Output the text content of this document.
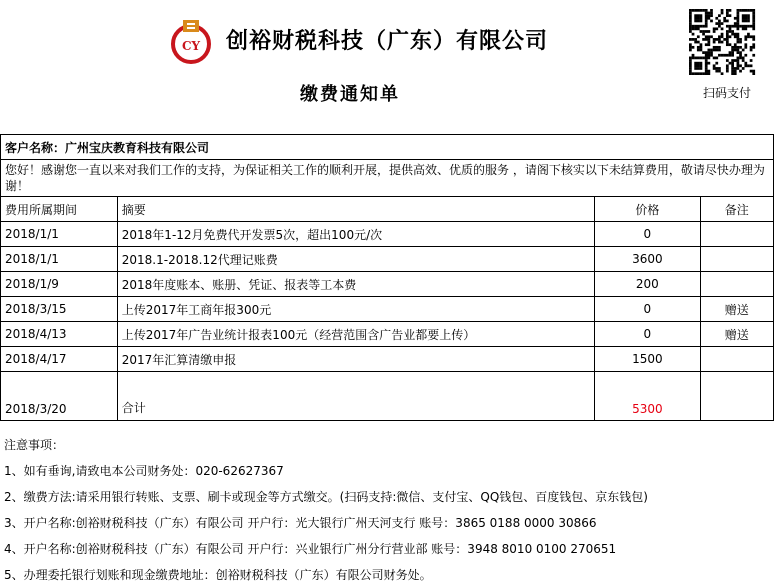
CY 创裕财税科技（广东）有限公司
缴费通知单	扫码支付
客户名称：广州宝庆教育科技有限公司			
您好！感谢您一直以来对我们工作的支持，为保证相关工作的顺利开展，提供高效、优质的服务 ，请阁下核实以下未结算费用，敬请尽快办理为谢！			
费用所属期间	摘要	价格	备注
2018/1/1	2018年1-12月免费代开发票5次，超出100元/次	0	
2018/1/1	2018.1-2018.12代理记账费	3600	
2018/1/9	2018年度账本、账册、凭证、报表等工本费	200	
2018/3/15	上传2017年工商年报300元	0	赠送
2018/4/13	上传2017年广告业统计报表100元（经营范围含广告业都要上传）	0	赠送
2018/4/17	2017年汇算清缴申报	1500	
2018/3/20	合计	5300	
注意事项：
1、如有垂询,请致电本公司财务处：020-62627367
2、缴费方法:请采用银行转账、支票、刷卡或现金等方式缴交。(扫码支持:微信、支付宝、QQ钱包、百度钱包、京东钱包)
3、开户名称:创裕财税科技（广东）有限公司 开户行：光大银行广州天河支行 账号：3865 0188 0000 30866
4、开户名称:创裕财税科技（广东）有限公司 开户行：兴业银行广州分行营业部 账号：3948 8010 0100 270651
5、办理委托银行划账和现金缴费地址：创裕财税科技（广东）有限公司财务处。
